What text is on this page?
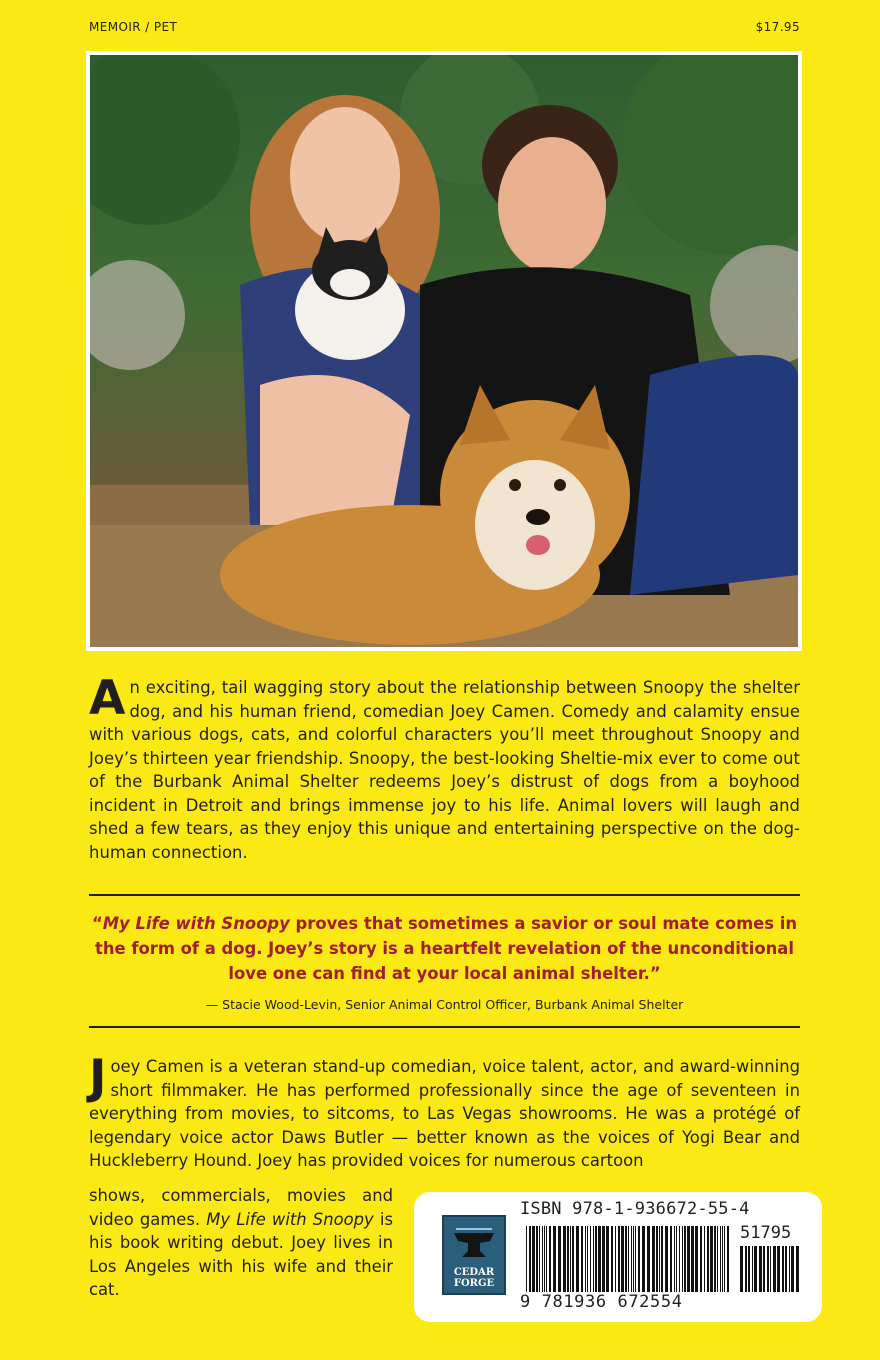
MEMOIR / PET	$17.95
An exciting, tail wagging story about the relationship between Snoopy the shelter dog, and his human friend, comedian Joey Camen. Comedy and calamity ensue with various dogs, cats, and colorful characters you’ll meet throughout Snoopy and Joey’s thirteen year friendship. Snoopy, the best-looking Sheltie-mix ever to come out of the Burbank Animal Shelter redeems Joey’s distrust of dogs from a boyhood incident in Detroit and brings immense joy to his life. Animal lovers will laugh and shed a few tears, as they enjoy this unique and entertaining perspective on the dog-human connection.
“My Life with Snoopy proves that sometimes a savior or soul mate comes in the form of a dog. Joey’s story is a heartfelt revelation of the unconditional love one can find at your local animal shelter.”
— Stacie Wood-Levin, Senior Animal Control Officer, Burbank Animal Shelter
Joey Camen is a veteran stand-up comedian, voice talent, actor, and award-winning short filmmaker. He has performed professionally since the age of seventeen in everything from movies, to sitcoms, to Las Vegas showrooms. He was a protégé of legendary voice actor Daws Butler — better known as the voices of Yogi Bear and Huckleberry Hound. Joey has provided voices for numerous cartoon
shows, commercials, movies and video games. My Life with Snoopy is his book writing debut. Joey lives in Los Angeles with his wife and their cat.
CEDAR
FORGE
ISBN 978-1-936672-55-4
51795
9 781936 672554
